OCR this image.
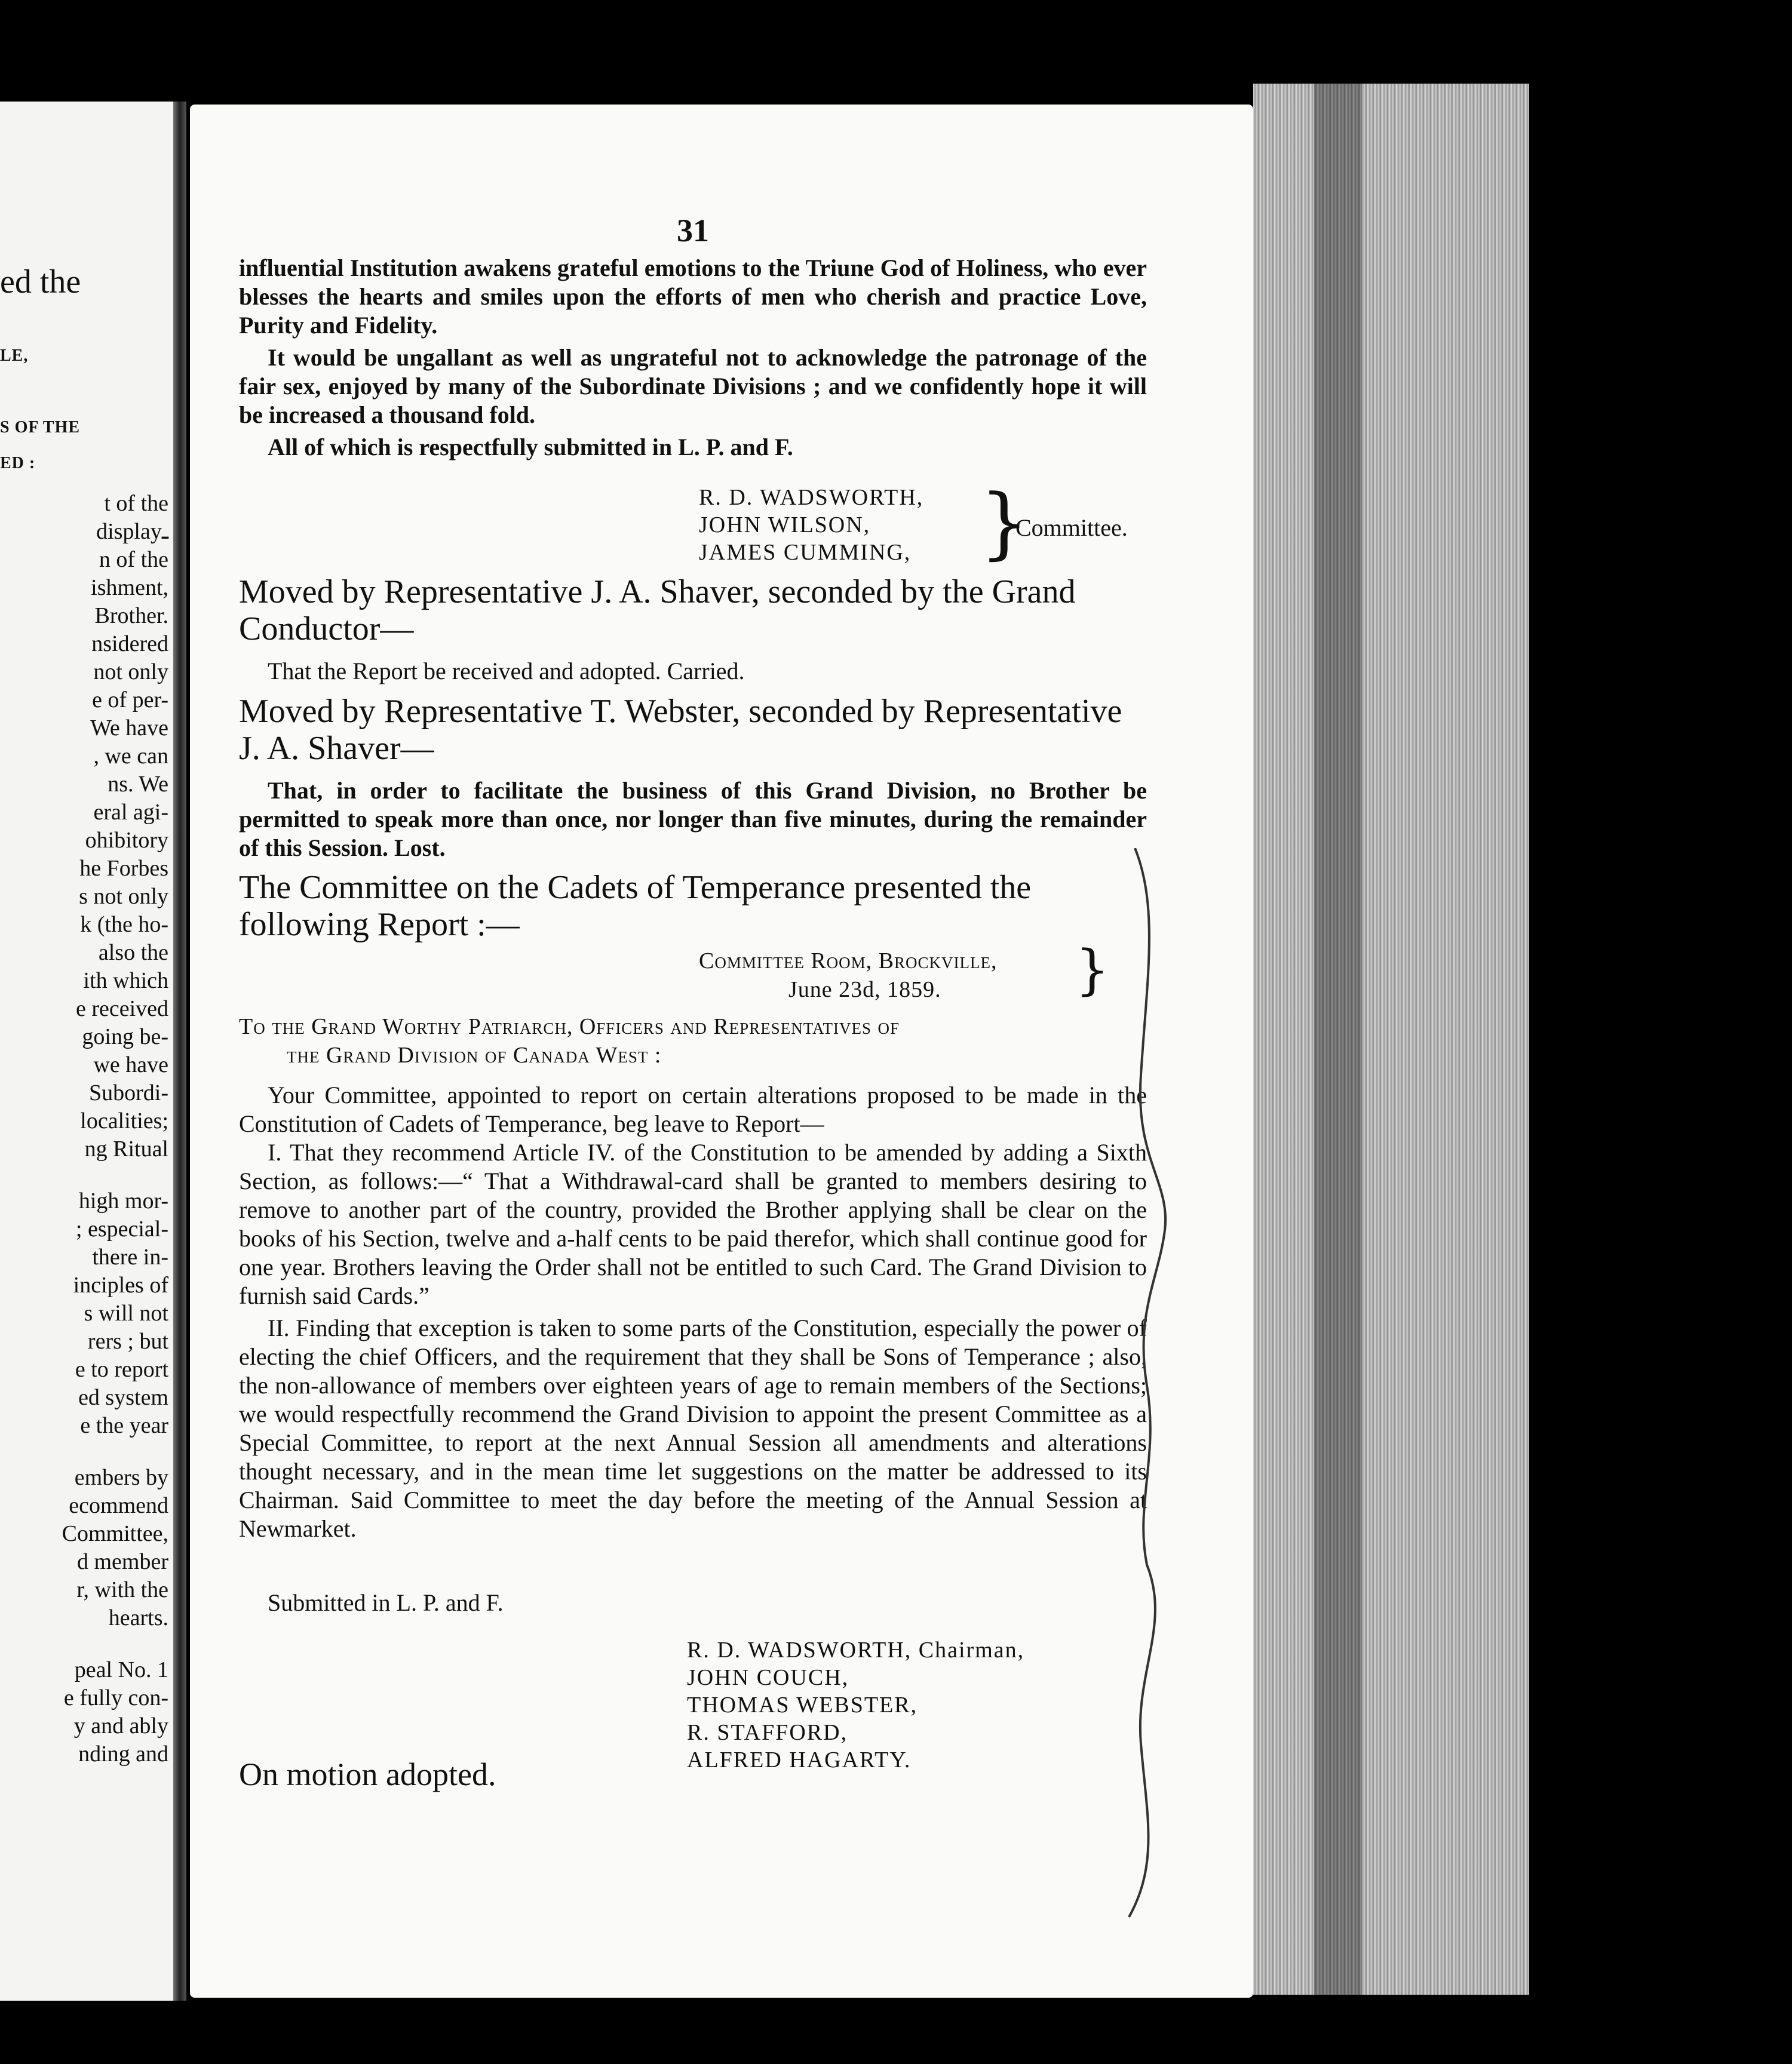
ed the
LE,
S OF THE
ED :
t of the
displayـ
n of the
ishment,
Brother.
nsidered
not only
e of per-
We have
, we can
ns. We
eral agi-
ohibitory
he Forbes
s not only
k (the ho-
also the
ith which
e received
going be-
we have
Subordi-
localities;
ng Ritual
high mor-
; especial-
there in-
inciples of
s will not
rers ; but
e to report
ed system
e the year
embers by
ecommend
Committee,
d member
r, with the
hearts.
peal No. 1
e fully con-
y and ably
nding and
31
influential Institution awakens grateful emotions to the Triune God of Holiness, who ever blesses the hearts and smiles upon the efforts of men who cherish and practice Love, Purity and Fidelity.
It would be ungallant as well as ungrateful not to acknowledge the patronage of the fair sex, enjoyed by many of the Subordinate Divisions ; and we confidently hope it will be increased a thousand fold.
All of which is respectfully submitted in L. P. and F.
R. D. WADSWORTH,
JOHN WILSON,
JAMES CUMMING, }
Committee.
Moved by Representative J. A. Shaver, seconded by the Grand Conductor—
That the Report be received and adopted. Carried.
Moved by Representative T. Webster, seconded by Representative J. A. Shaver—
That, in order to facilitate the business of this Grand Division, no Brother be permitted to speak more than once, nor longer than five minutes, during the remainder of this Session. Lost.
The Committee on the Cadets of Temperance presented the following Report :—
Committee Room, Brockville,
June 23d, 1859. }
To the Grand Worthy Patriarch, Officers and Representatives of
the Grand Division of Canada West :
Your Committee, appointed to report on certain alterations proposed to be made in the Constitution of Cadets of Temperance, beg leave to Report—
I. That they recommend Article IV. of the Constitution to be amended by adding a Sixth Section, as follows:—“ That a Withdrawal-card shall be granted to members desiring to remove to another part of the country, provided the Brother applying shall be clear on the books of his Section, twelve and a-half cents to be paid therefor, which shall continue good for one year. Brothers leaving the Order shall not be entitled to such Card. The Grand Division to furnish said Cards.”
II. Finding that exception is taken to some parts of the Constitution, especially the power of electing the chief Officers, and the requirement that they shall be Sons of Temperance ; also, the non-allowance of members over eighteen years of age to remain members of the Sections; we would respectfully recommend the Grand Division to appoint the present Committee as a Special Committee, to report at the next Annual Session all amendments and alterations thought necessary, and in the mean time let suggestions on the matter be addressed to its Chairman. Said Committee to meet the day before the meeting of the Annual Session at Newmarket.
Submitted in L. P. and F.
R. D. WADSWORTH, Chairman,
JOHN COUCH,
THOMAS WEBSTER,
R. STAFFORD,
ALFRED HAGARTY.
On motion adopted.
